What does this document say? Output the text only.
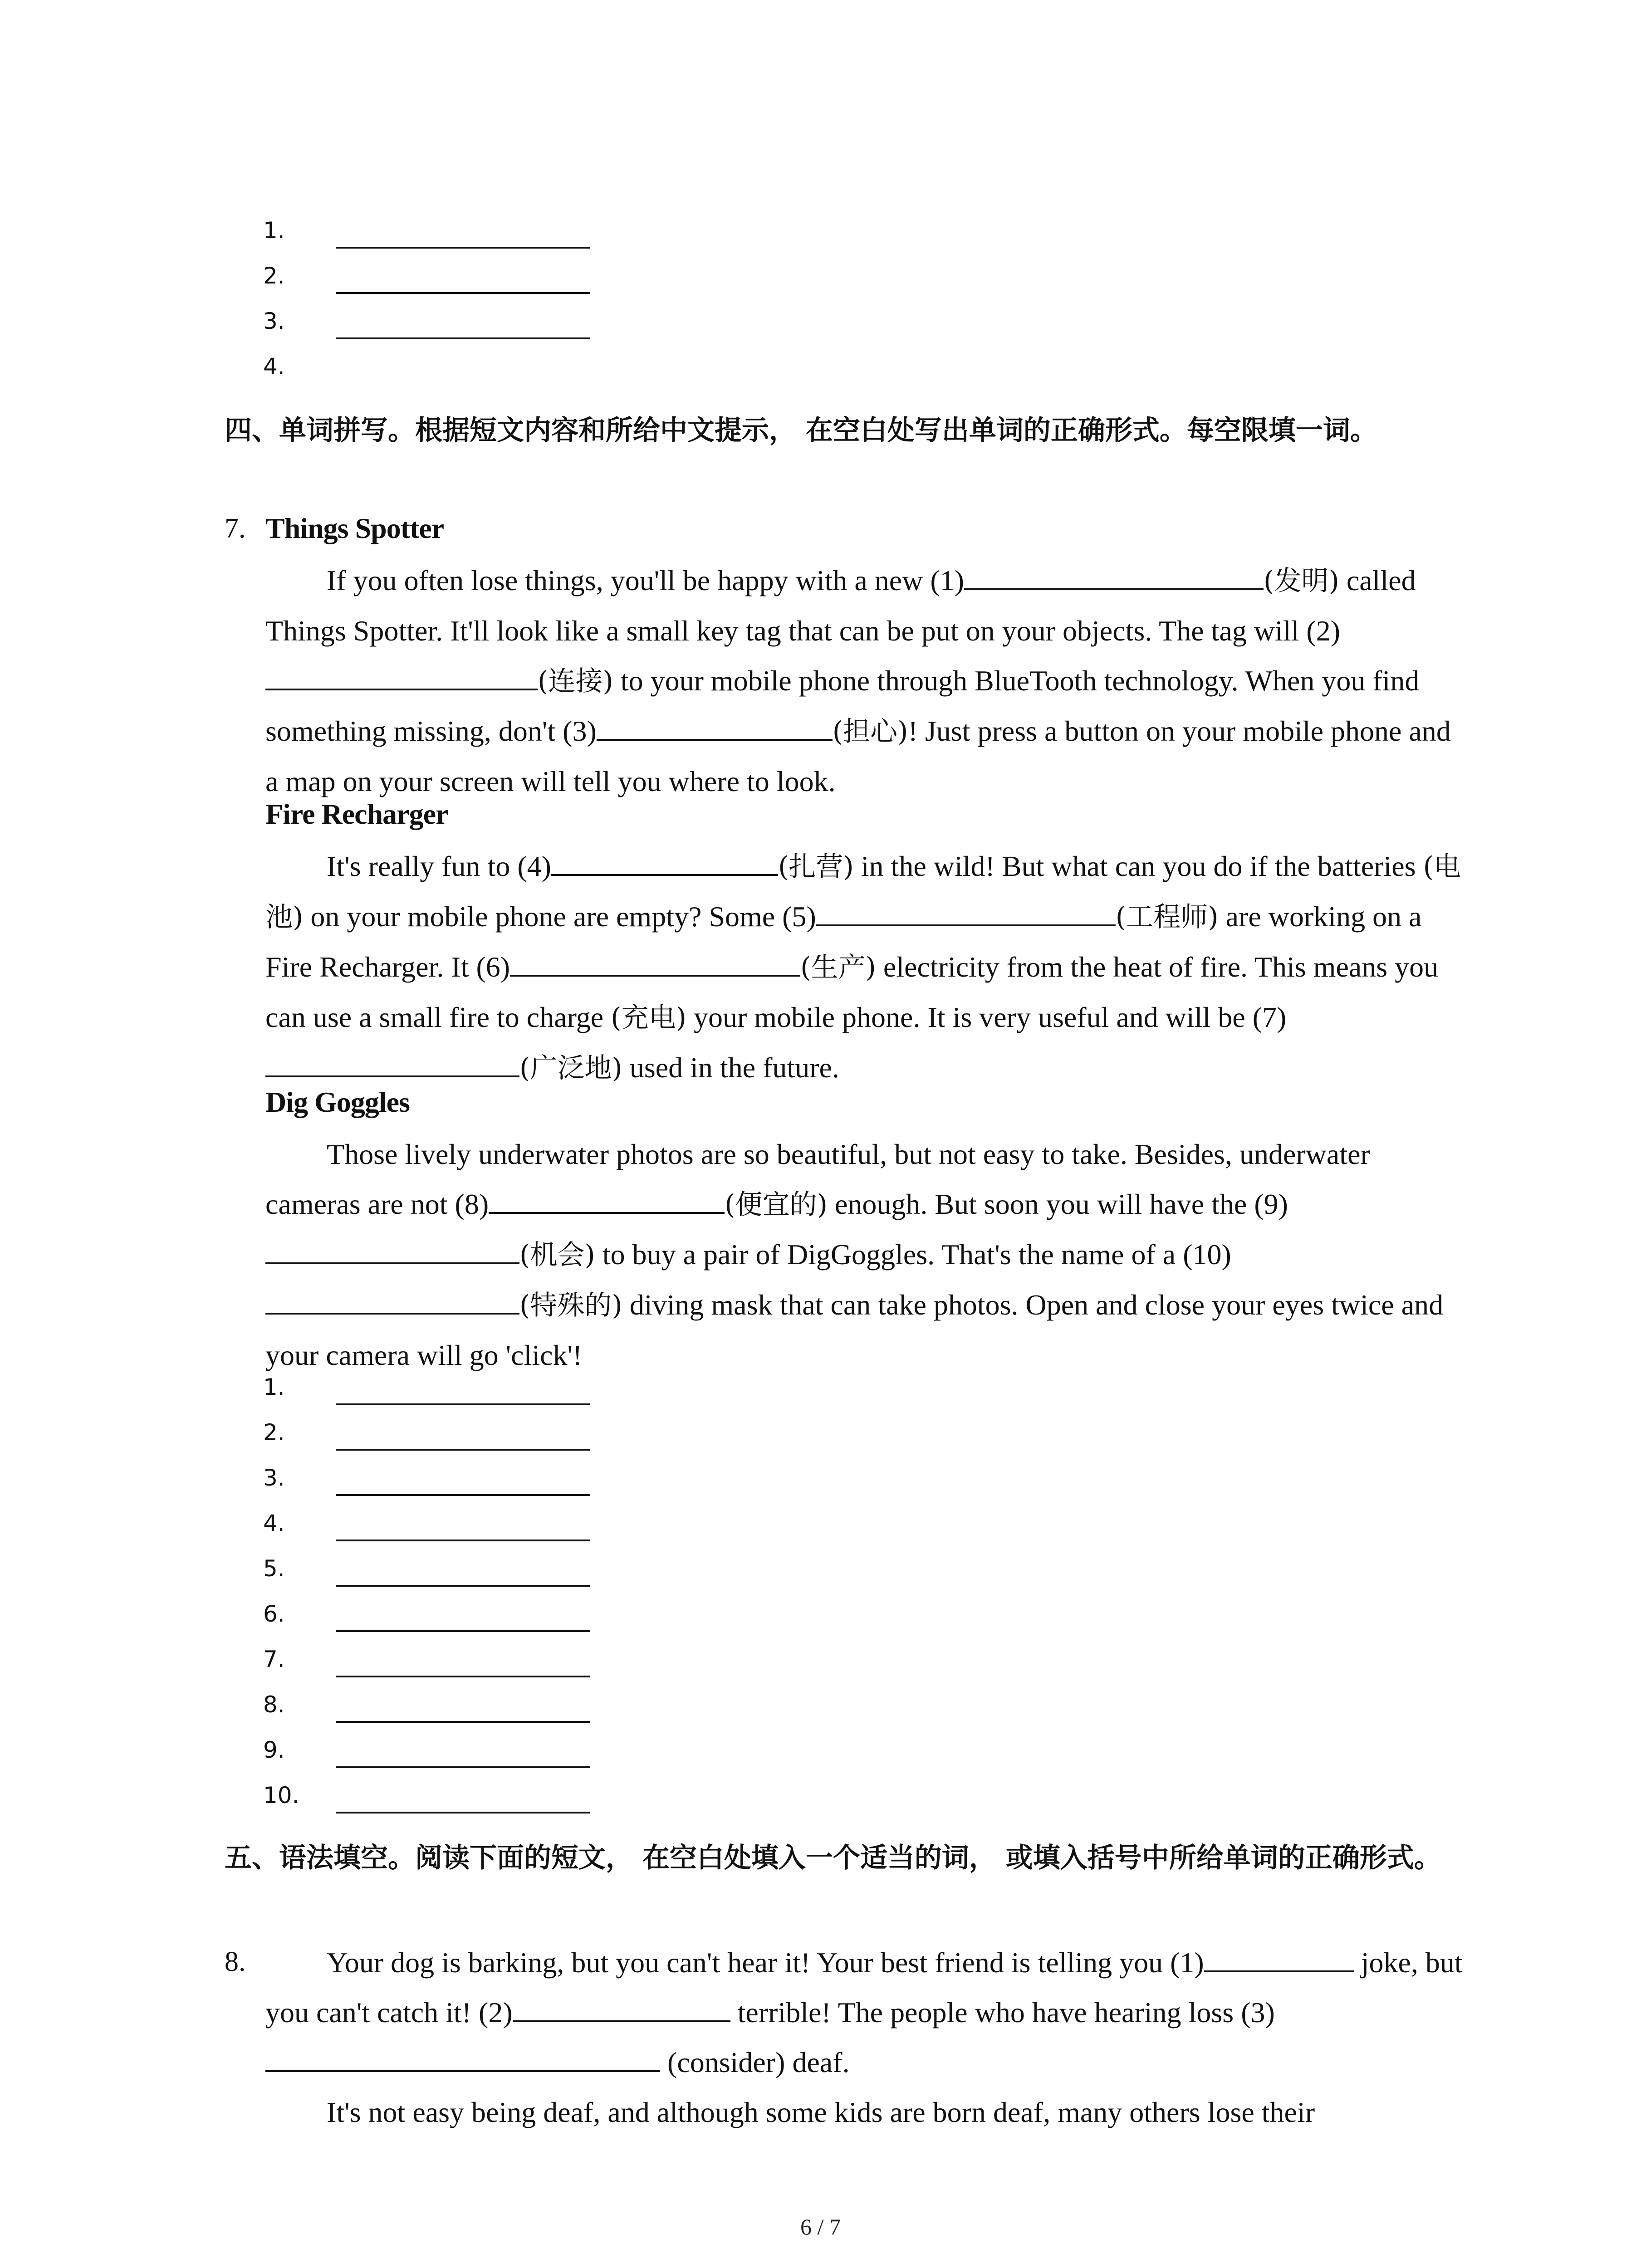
1.
2.
3.
4.
四、单词拼写。根据短文内容和所给中文提示， 在空白处写出单词的正确形式。每空限填一词。
7. Things Spotter
If you often lose things, you'll be happy with a new (1)	(发明) called Things Spotter. It'll look like a small key tag that can be put on your objects. The tag will (2)(连接) to your mobile phone through BlueTooth technology. When you find something missing, don't (3)	(担心)! Just press a button on your mobile phone and a map on your screen will tell you where to look.
Fire Recharger
It's really fun to (4)	(扎营) in the wild! But what can you do if the batteries (电池) on your mobile phone are empty? Some (5)	(工程师) are working on a Fire Recharger. It (6)	(生产) electricity from the heat of fire. This means you can use a small fire to charge (充电) your mobile phone. It is very useful and will be (7)(广泛地) used in the future.
Dig Goggles
Those lively underwater photos are so beautiful, but not easy to take. Besides, underwater cameras are not (8)	(便宜的) enough. But soon you will have the (9)(机会) to buy a pair of DigGoggles. That's the name of a (10)(特殊的) diving mask that can take photos. Open and close your eyes twice and your camera will go 'click'!
1.
2.
3.
4.
5.
6.
7.
8.
9.
10.
五、语法填空。阅读下面的短文， 在空白处填入一个适当的词， 或填入括号中所给单词的正确形式。
8.	Your dog is barking, but you can't hear it! Your best friend is telling you (1)	joke, but you can't catch it! (2)	terrible! The people who have hearing loss (3) (consider) deaf.
It's not easy being deaf, and although some kids are born deaf, many others lose their
6 / 7
